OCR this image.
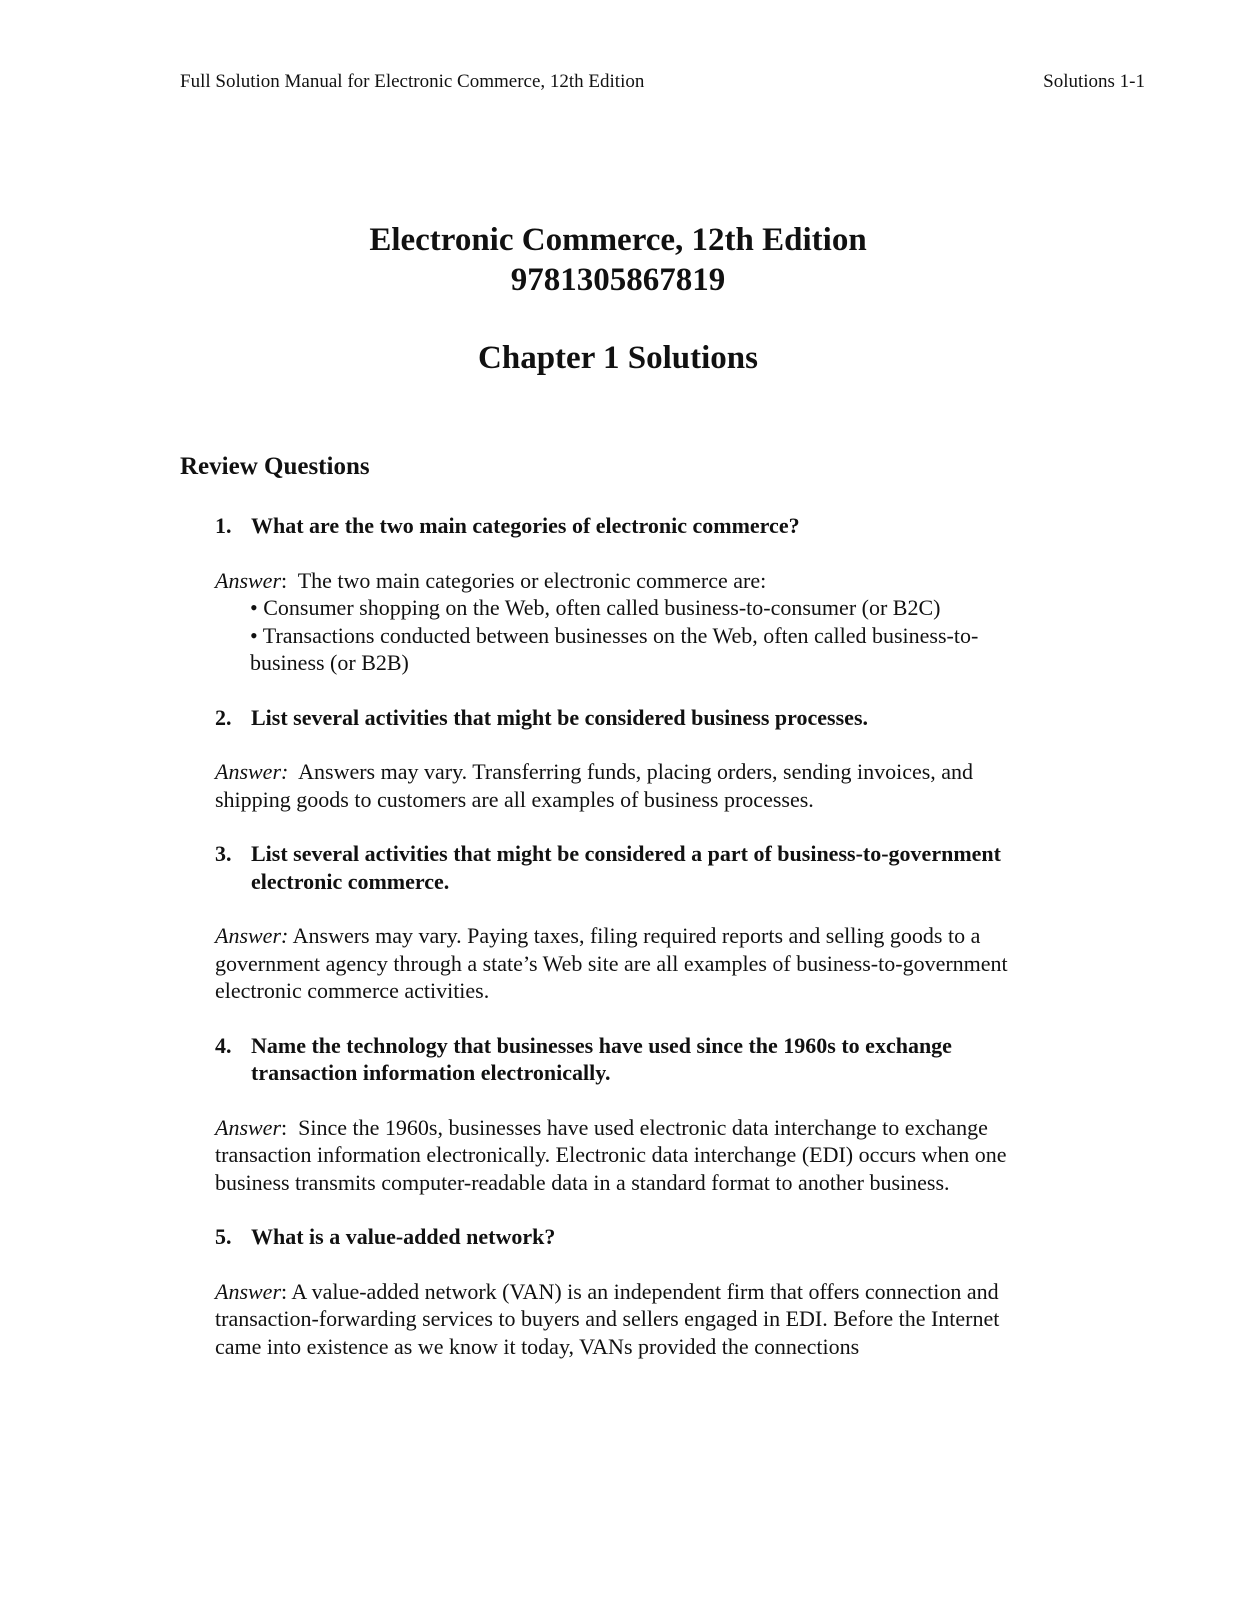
Full Solution Manual for Electronic Commerce, 12th Edition	Solutions 1-1
Electronic Commerce, 12th Edition
9781305867819
Chapter 1 Solutions
Review Questions
1. What are the two main categories of electronic commerce?
Answer:  The two main categories or electronic commerce are:
• Consumer shopping on the Web, often called business-to-consumer (or B2C)
• Transactions conducted between businesses on the Web, often called business-to-business (or B2B)
2. List several activities that might be considered business processes.
Answer:  Answers may vary. Transferring funds, placing orders, sending invoices, and shipping goods to customers are all examples of business processes.
3. List several activities that might be considered a part of business-to-government electronic commerce.
Answer: Answers may vary. Paying taxes, filing required reports and selling goods to a government agency through a state’s Web site are all examples of business-to-government electronic commerce activities.
4. Name the technology that businesses have used since the 1960s to exchange transaction information electronically.
Answer:  Since the 1960s, businesses have used electronic data interchange to exchange transaction information electronically. Electronic data interchange (EDI) occurs when one business transmits computer-readable data in a standard format to another business.
5. What is a value-added network?
Answer: A value-added network (VAN) is an independent firm that offers connection and transaction-forwarding services to buyers and sellers engaged in EDI. Before the Internet came into existence as we know it today, VANs provided the connections
